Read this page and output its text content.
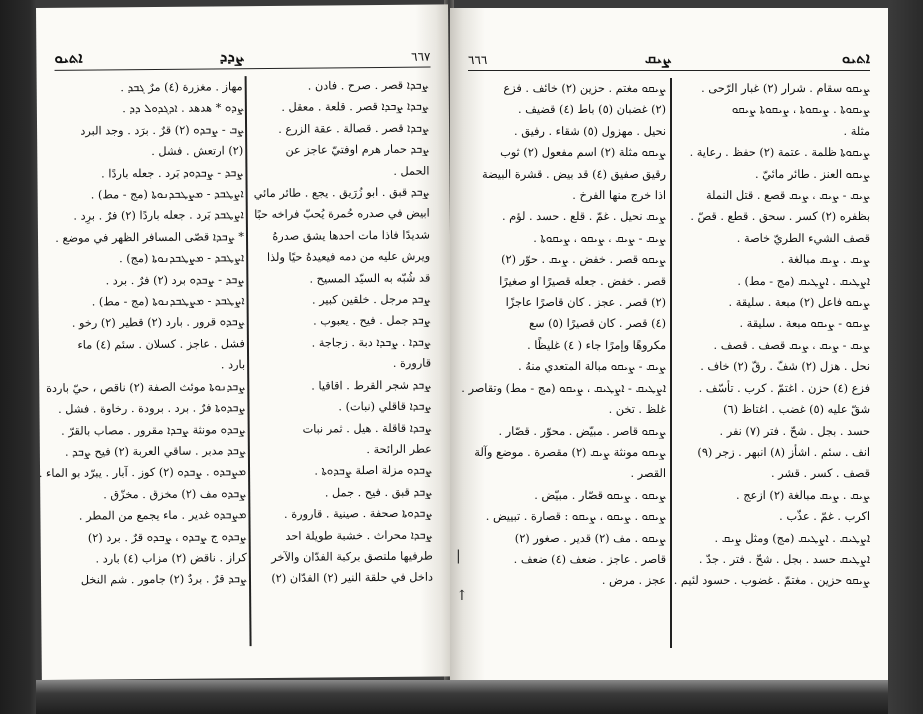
ܐܬܝܘ	ܨܕܕ	٦٦٧
مهاز . مغزرة (٤) مرٌ ܓܒܕ .
ܨܕܘ * هدهد . ܐܕܓܕܘܠ ܕܕ .
ܨܒ - ܨܒܕܘ (٢) قرٌ . برَد . وجد البرد
(٢) ارتعش . فشل .
ܨܒܕ - ܨܒܕܘܕ بَرد . جعله باردًا .
ܐܨܛܒܕ - ܡܨܛܒܕܢܘܬܐ (مج - مط) .
ܐܨܛܒܕ بَرد . جعله باردًا (٢) فرٌ . برِد .
* ܨܒܕܐ قصّى المسافر الظهر في موضع .
ܐܨܛܒܕ - ܡܨܛܒܕܢܘܬܐ (مج) .
ܨܒܕ - ܨܒܕܘ برد (٢) فرٌ . برد .
ܐܨܛܒܕ - ܡܨܛܒܕܢܘܬܐ (مج - مط) .
ܨܒܕܘ قرور . بارد (٢) قطير (٢) رخو .
فشل . عاجز . كسلان . سئم (٤) ماء
بارد .
ܨܒܕܢܘܬܐ موئث الصفة (٢) ناقص ، حيّ باردة
ܨܒܕܘܬܐ فرٌ . برد . برودة . رخاوة . فشل .
ܨܒܕܘ مونثة ܨܒܕܐ مقرور . مصاب بالقرّ .
ܨܒܕ مدبر . ساقي العربة (٢) فيح ܨܒܕ .
ܡܨܒܕܘ . ܨܒܕܘ (٢) كوز . آبار . يبرّد بو الماء .
ܨܒܕܘ مف (٢) مخزق . مخزّق .
ܡܨܒܕܘ غدير . ماء يجمع من المطر .
ܨܒܕܘ ج ܨܒܕܘ ، ܨܒܕܘ قرٌ . برد (٢)
كراز . ناقض (٢) مزاب (٤) بارد .
ܨܒܕ قرٌ . بردٌ (٢) جامور . شم النخل
ܨܒܕܐ قصر . صرح . فادن .
ܨܒܕܐ ܨܒܕܐ قصر . قلعة . معقل .
ܨܒܕܐ قصر . قصالة . عقة الزرع .
ܨܒܕ حمار هرم اوفتيّ عاجز عن
الحمل .
ܨܒܕ قبق . ابو زُرَيق . يجع . طائر مائي
ابيض في صدره حُمرة يُحبّ فراخه حبًا
شديدًا فاذا مات احدها يشق صدرهُ
ويرش عليه من دمه فيعيدهُ حيًا ولذا
قد شُبّه به السيّد المسيح .
ܨܒܕ مرجل . خلقين كبير .
ܨܒܕ جمل . فيح . يعبوب .
ܨܒܕܐ . ܨܒܕܐ دبة . زجاجة .
قارورة .
ܨܒܕ شجر القرط . اقاقيا .
ܨܒܕܐ قاقلي (نبات) .
ܨܒܕܐ قاقلة . هيل . ثمر نبات
عطر الرائحة .
ܨܒܕܘ مزلة اصلة ܨܒܕܘܬܐ .
ܨܒܕ قبق . فيح . جمل .
ܨܒܕܘܬܐ صحفة . صينية . قارورة .
ܨܒܕܐ محراث . خشبة طويلة احد
طرفيها ملتصق بركبة الفدّان والآخر
داخل في حلقة النير (٢) الفدّان (٢)
٦٦٦	ܨܝܩ	ܐܬܝܘ
ܨܝܩܘ مغتم . حزين (٢) خائف . فزع
(٢) غضبان (٥) باط (٤) قضيف .
نحيل . مهزول (٥) شقاء . رفيق .
ܨܝܩܘ مثلة (٢) اسم مفعول (٢) ثوب
رقيق صفيق (٤) قد بيض . قشرة البيضة
اذا خرج منها الفرخ .
ܨܝܩ نحيل . غمّ . قلع . حسد . لؤم .
ܨܝܩ - ܨܝܩ ، ܨܝܩܘ ، ܨܝܩܘܬܐ .
ܨܝܩܘ قصر . خفض . ܨܝܩ . حوّر (٢)
قصر . خفض . جعله قصيرًا او صغيرًا
(٢) قصر . عجز . كان قاصرًا عاجزًا
(٤) قصر . كان قصيرًا (٥) سع
مكروهًا وإمرًا جاء ( ٤) غليظًا .
ܨܝܩ - ܨܝܩܘ مبالة المتعدي منهُ .
ܐܨܛܝܩ - ܐܨܛܝܩ ، ܨܝܩܘ (مج - مط) وتقاصر .
غلظ . تخن .
ܨܝܩܘ قاصر . مبيّض . محوّر . قصّار .
ܨܝܩܘ مونثة ܨܝܩ (٢) مقصرة . موضع وآلة
القصر .
ܨܝܩܘ . ܨܝܩܘ قصّار . مبيّض .
ܨܝܩܘ . ܨܝܩܘ ، ܨܝܩܘ : قصارة . تبييض .
ܨܝܩܘ . مف (٢) قدير . صغور (٢)
قاصر . عاجز . ضعف (٤) ضعف .
عجز . مرض .
ܨܝܩܘ سقام . شرار (٢) غبار الرّحى .
ܨܝܩܘܬܐ . ܨܝܩܘܬܐ ، ܨܝܩܘܬܐ ܨܝܩܘ
مثلة .
ܨܝܩܘܬܐ ظلمة . عتمة (٢) حفظ . رعاية .
ܨܝܩܘ العنز . طائر مائيّ .
ܨܝܩ - ܨܝܩ ، ܨܝܩ قصع . قتل النملة
بظفره (٢) كسر . سحق . قطع . قصّ .
قصف الشيء الطريّ خاصة .
ܨܝܩ . ܨܝܩ مبالغة .
ܐܨܛܝܩ . ܐܨܛܝܩ (مج - مط) .
ܨܝܩܘ فاعل (٢) مبعة . سليقة .
ܨܝܩܘ - ܨܝܩܘ مبعة . سليقة .
ܨܝܩ - ܨܝܩ ، ܨܝܩ قصف . قصف .
نحل . هزل (٢) شفّ . رقّ (٢) خاف .
فزع (٤) حزن . اغتمّ . كرب . تأسّف .
شقّ عليه (٥) غضب . اغتاظ (٦)
حسد . بجل . شحّ . فتر (٧) نفر .
انف . سئم . اشأز (٨) انبهر . زجر (٩)
قصف . كسر . قشر .
ܨܝܩ . ܨܝܩ مبالغة (٢) ازعج .
اكرب . غمّ . عذّب .
ܐܨܛܝܩ . ܐܨܛܝܩ (مج) ومثل ܨܝܩ .
ܐܨܛܝܩ حسد . بجل . شحّ . فتر . جدّ .
ܨܝܩܘ حزين . مغتمّ . غضوب . حسود لئيم .
|
↑
